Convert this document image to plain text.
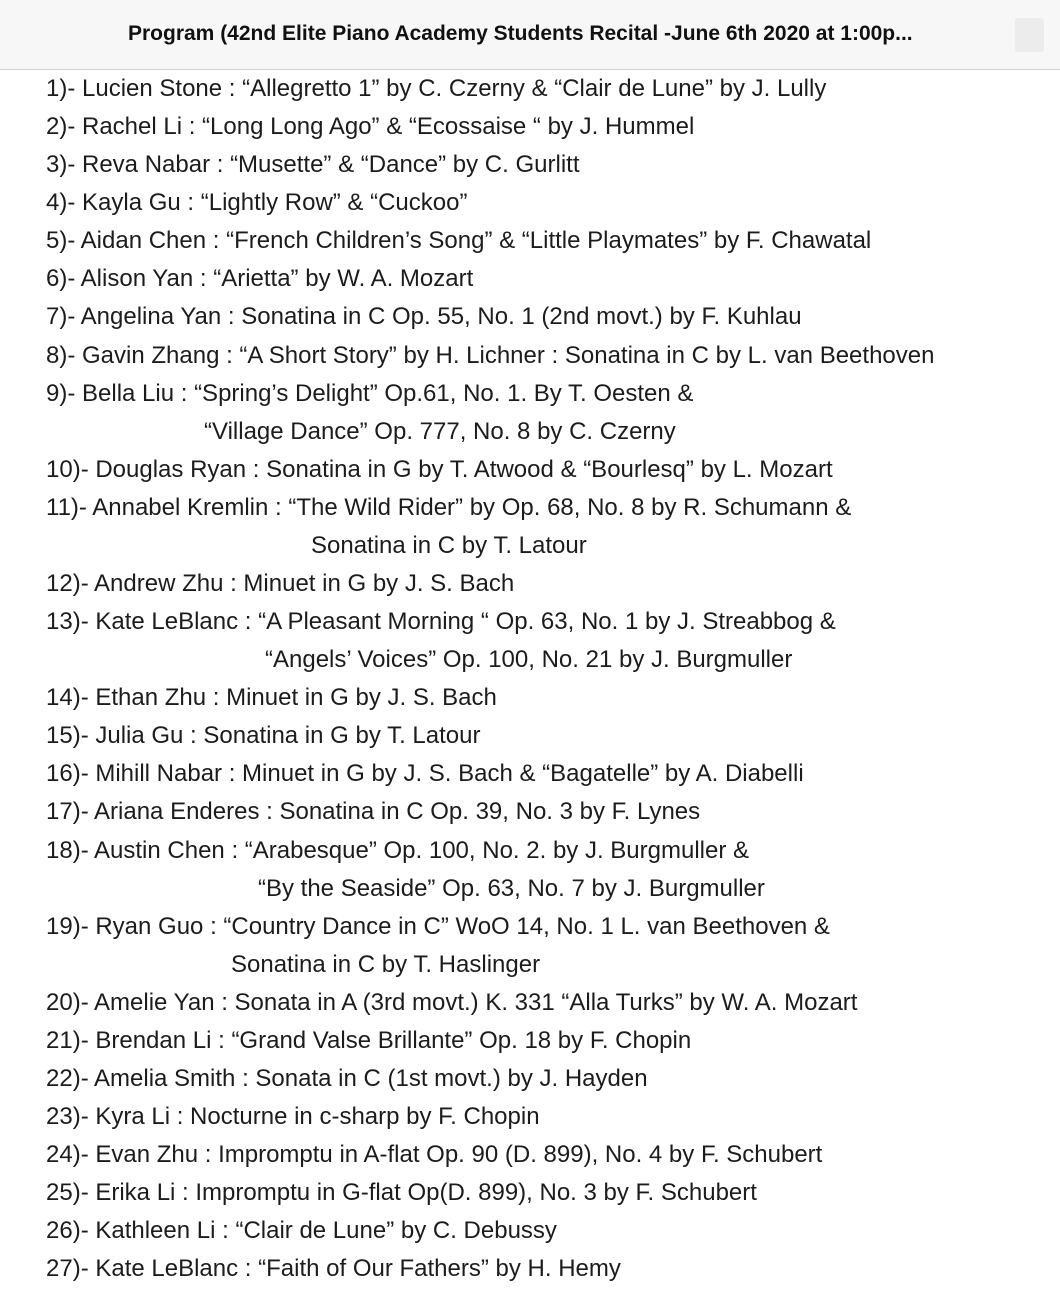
Program (42nd Elite Piano Academy Students Recital -June 6th 2020 at 1:00p...
1)- Lucien Stone : “Allegretto 1” by C. Czerny & “Clair de Lune” by J. Lully
2)- Rachel Li : “Long Long Ago” & “Ecossaise “ by J. Hummel
3)- Reva Nabar : “Musette” & “Dance” by C. Gurlitt
4)- Kayla Gu : “Lightly Row” & “Cuckoo”
5)- Aidan Chen : “French Children’s Song” & “Little Playmates” by F. Chawatal
6)- Alison Yan : “Arietta” by W. A. Mozart
7)- Angelina Yan : Sonatina in C Op. 55, No. 1 (2nd movt.) by F. Kuhlau
8)- Gavin Zhang : “A Short Story” by H. Lichner : Sonatina in C by L. van Beethoven
9)- Bella Liu : “Spring’s Delight” Op.61, No. 1. By T. Oesten &
“Village Dance” Op. 777, No. 8 by C. Czerny
10)- Douglas Ryan : Sonatina in G by T. Atwood & “Bourlesq” by L. Mozart
11)- Annabel Kremlin : “The Wild Rider” by Op. 68, No. 8 by R. Schumann &
Sonatina in C by T. Latour
12)- Andrew Zhu : Minuet in G by J. S. Bach
13)- Kate LeBlanc : “A Pleasant Morning “ Op. 63, No. 1 by J. Streabbog &
“Angels’ Voices” Op. 100, No. 21 by J. Burgmuller
14)- Ethan Zhu : Minuet in G by J. S. Bach
15)- Julia Gu : Sonatina in G by T. Latour
16)- Mihill Nabar : Minuet in G by J. S. Bach & “Bagatelle” by A. Diabelli
17)- Ariana Enderes : Sonatina in C Op. 39, No. 3 by F. Lynes
18)- Austin Chen : “Arabesque” Op. 100, No. 2. by J. Burgmuller &
“By the Seaside” Op. 63, No. 7 by J. Burgmuller
19)- Ryan Guo : “Country Dance in C” WoO 14, No. 1 L. van Beethoven &
Sonatina in C by T. Haslinger
20)- Amelie Yan : Sonata in A (3rd movt.) K. 331 “Alla Turks” by W. A. Mozart
21)- Brendan Li : “Grand Valse Brillante” Op. 18 by F. Chopin
22)- Amelia Smith : Sonata in C (1st movt.) by J. Hayden
23)- Kyra Li : Nocturne in c-sharp by F. Chopin
24)- Evan Zhu : Impromptu in A-flat Op. 90 (D. 899), No. 4 by F. Schubert
25)- Erika Li : Impromptu in G-flat Op(D. 899), No. 3 by F. Schubert
26)- Kathleen Li : “Clair de Lune” by C. Debussy
27)- Kate LeBlanc : “Faith of Our Fathers” by H. Hemy
